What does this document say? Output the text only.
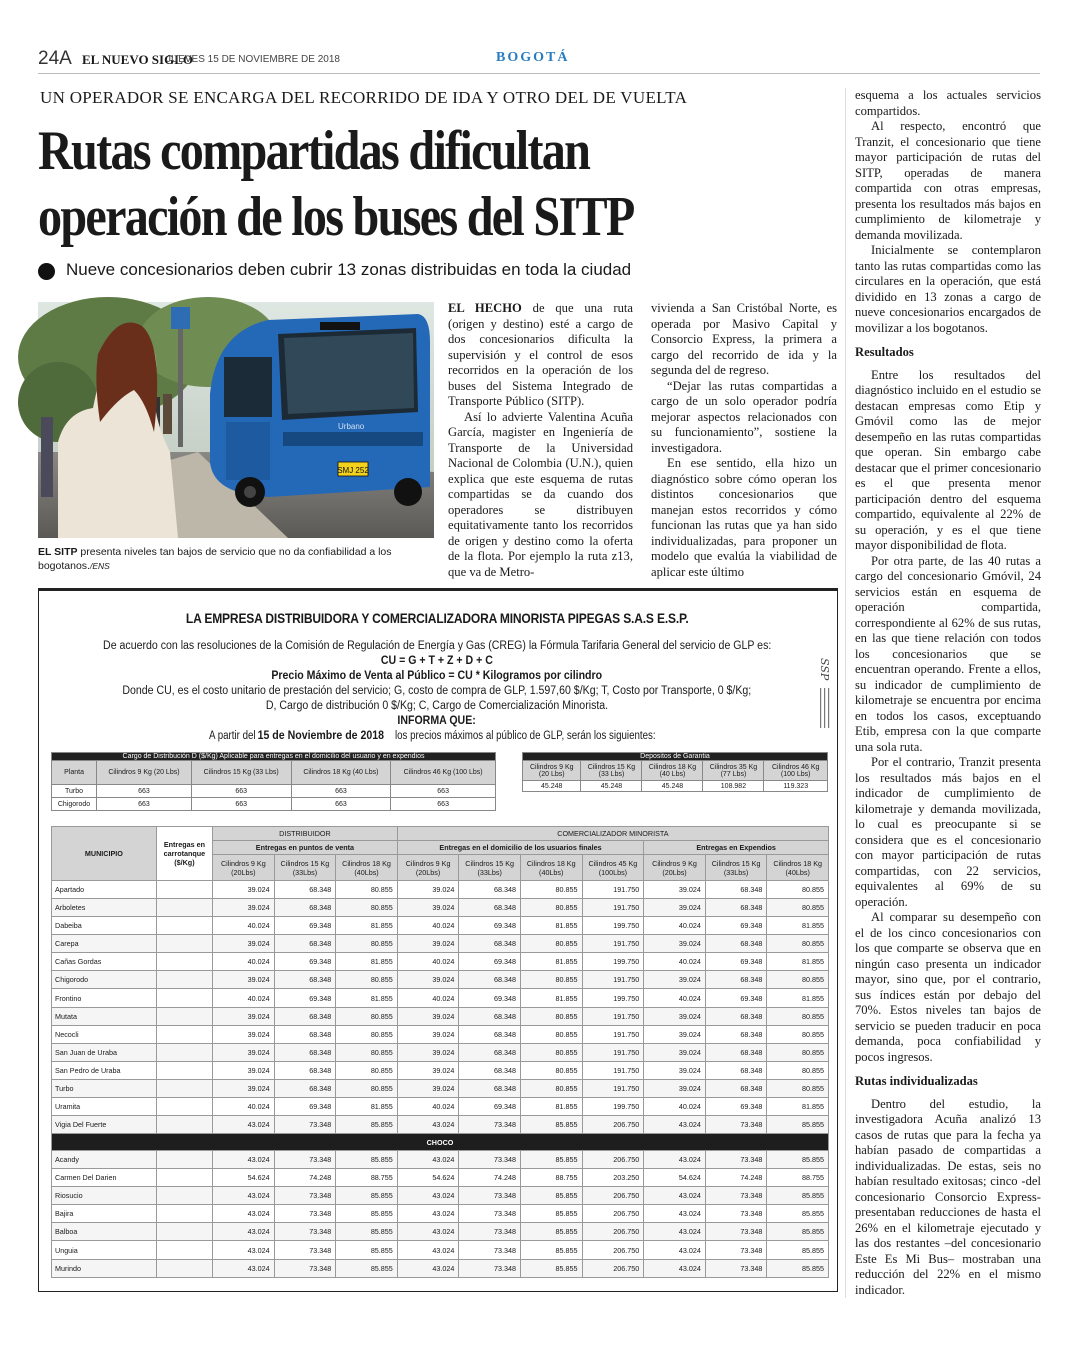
24A EL NUEVO SIGLO
JUEVES 15 DE NOVIEMBRE DE 2018	BOGOTÁ
UN OPERADOR SE ENCARGA DEL RECORRIDO DE IDA Y OTRO DEL DE VUELTA
Rutas compartidas dificultan operación de los buses del SITP
Nueve concesionarios deben cubrir 13 zonas distribuidas en toda la ciudad
SMJ 252
Urbano
EL SITP presenta niveles tan bajos de servicio que no da confiabilidad a los bogotanos./ENS

EL HECHO de que una ruta (origen y destino) esté a cargo de dos concesionarios dificulta la supervisión y el control de esos recorridos en la operación de los buses del Sistema Integrado de Transporte Público (SITP).

Así lo advierte Valentina Acuña García, magister en Ingeniería de Transporte de la Universidad Nacional de Colombia (U.N.), quien explica que este esquema de rutas compartidas se da cuando dos operadores se distribuyen equitativamente tanto los recorridos de origen y destino como la oferta de la flota. Por ejemplo la ruta z13, que va de Metro-

vivienda a San Cristóbal Norte, es operada por Masivo Capital y Consorcio Express, la primera a cargo del recorrido de ida y la segunda del de regreso.

“Dejar las rutas compartidas a cargo de un solo operador podría mejorar aspectos relacionados con su funcionamiento”, sostiene la investigadora.

En ese sentido, ella hizo un diagnóstico sobre cómo operan los distintos concesionarios que manejan estos recorridos y cómo funcionan las rutas que ya han sido individualizadas, para proponer un modelo que evalúa la viabilidad de aplicar este último

esquema a los actuales servicios compartidos.

Al respecto, encontró que Tranzit, el concesionario que tiene mayor participación de rutas del SITP, operadas de manera compartida con otras empresas, presenta los resultados más bajos en cumplimiento de kilometraje y demanda movilizada.

Inicialmente se contemplaron tanto las rutas compartidas como las circulares en la operación, que está dividido en 13 zonas a cargo de nueve concesionarios encargados de movilizar a los bogotanos.

Resultados

Entre los resultados del diagnóstico incluido en el estudio se destacan empresas como Etip y Gmóvil como las de mejor desempeño en las rutas compartidas que operan. Sin embargo cabe destacar que el primer concesionario es el que presenta menor participación dentro del esquema compartido, equivalente al 22% de su operación, y es el que tiene mayor disponibilidad de flota.

Por otra parte, de las 40 rutas a cargo del concesionario Gmóvil, 24 servicios están en esquema de operación compartida, correspondiente al 62% de sus rutas, en las que tiene relación con todos los concesionarios que se encuentran operando. Frente a ellos, su indicador de cumplimiento de kilometraje se encuentra por encima en todos los casos, exceptuando Etib, empresa con la que comparte una sola ruta.

Por el contrario, Tranzit presenta los resultados más bajos en el indicador de cumplimiento de kilometraje y demanda movilizada, lo cual es preocupante si se considera que es el concesionario con mayor participación de rutas compartidas, con 22 servicios, equivalentes al 69% de su operación.

Al comparar su desempeño con el de los cinco concesionarios con los que comparte se observa que en ningún caso presenta un indicador mayor, sino que, por el contrario, sus índices están por debajo del 70%. Estos niveles tan bajos de servicio se pueden traducir en poca demanda, poca confiabilidad y pocos ingresos.

Rutas individualizadas

Dentro del estudio, la investigadora Acuña analizó 13 casos de rutas que para la fecha ya habían pasado de compartidas a individualizadas. De estas, seis no habían resultado exitosas; cinco -del concesionario Consorcio Express- presentaban reducciones de hasta el 26% en el kilometraje ejecutado y las dos restantes –del concesionario Este Es Mi Bus– mostraban una reducción del 22% en el mismo indicador.

LA EMPRESA DISTRIBUIDORA Y COMERCIALIZADORA MINORISTA PIPEGAS S.A.S E.S.P.
De acuerdo con las resoluciones de la Comisión de Regulación de Energía y Gas (CREG) la Fórmula Tarifaria General del servicio de GLP es:
CU = G + T + Z + D + C
Precio Máximo de Venta al Público = CU * Kilogramos por cilindro
Donde CU, es el costo unitario de prestación del servicio; G, costo de compra de GLP, 1.597,60 $/Kg; T, Costo por Transporte, 0 $/Kg;
D, Cargo de distribución 0 $/Kg; C, Cargo de Comercialización Minorista.
INFORMA QUE:
A partir del15 de Noviembre de 2018los precios máximos al público de GLP, serán los siguientes:
SSP
Cargo de Distribución D ($/Kg) Aplicable para entregas en el domicilio del usuario y en expendios				
Planta	Cilindros 9 Kg (20 Lbs)	Cilindros 15 Kg (33 Lbs)	Cilindros 18 Kg (40 Lbs)	Cilindros 46 Kg (100 Lbs)
Turbo	663	663	663	663
Chigorodo	663	663	663	663
Depositos de Garantia				
Cilindros 9 Kg (20 Lbs)	Cilindros 15 Kg (33 Lbs)	Cilindros 18 Kg (40 Lbs)	Cilindros 35 Kg (77 Lbs)	Cilindros 46 Kg (100 Lbs)
45.248	45.248	45.248	108.982	119.323
MUNICIPIO	Entregas en carrotanque ($/Kg)	DISTRIBUIDOR			COMERCIALIZADOR MINORISTA						
		Entregas en puntos de venta			Entregas en el domicilio de los usuarios finales				Entregas en Expendios		
		Cilindros 9 Kg (20Lbs)	Cilindros 15 Kg (33Lbs)	Cilindros 18 Kg (40Lbs)	Cilindros 9 Kg (20Lbs)	Cilindros 15 Kg (33Lbs)	Cilindros 18 Kg (40Lbs)	Cilindros 45 Kg (100Lbs)	Cilindros 9 Kg (20Lbs)	Cilindros 15 Kg (33Lbs)	Cilindros 18 Kg (40Lbs)
Apartado		39.024	68.348	80.855	39.024	68.348	80.855	191.750	39.024	68.348	80.855
Arboletes		39.024	68.348	80.855	39.024	68.348	80.855	191.750	39.024	68.348	80.855
Dabeiba		40.024	69.348	81.855	40.024	69.348	81.855	199.750	40.024	69.348	81.855
Carepa		39.024	68.348	80.855	39.024	68.348	80.855	191.750	39.024	68.348	80.855
Cañas Gordas		40.024	69.348	81.855	40.024	69.348	81.855	199.750	40.024	69.348	81.855
Chigorodo		39.024	68.348	80.855	39.024	68.348	80.855	191.750	39.024	68.348	80.855
Frontino		40.024	69.348	81.855	40.024	69.348	81.855	199.750	40.024	69.348	81.855
Mutata		39.024	68.348	80.855	39.024	68.348	80.855	191.750	39.024	68.348	80.855
Necocli		39.024	68.348	80.855	39.024	68.348	80.855	191.750	39.024	68.348	80.855
San Juan de Uraba		39.024	68.348	80.855	39.024	68.348	80.855	191.750	39.024	68.348	80.855
San Pedro de Uraba		39.024	68.348	80.855	39.024	68.348	80.855	191.750	39.024	68.348	80.855
Turbo		39.024	68.348	80.855	39.024	68.348	80.855	191.750	39.024	68.348	80.855
Uramita		40.024	69.348	81.855	40.024	69.348	81.855	199.750	40.024	69.348	81.855
Vigia Del Fuerte		43.024	73.348	85.855	43.024	73.348	85.855	206.750	43.024	73.348	85.855
CHOCO											
Acandy		43.024	73.348	85.855	43.024	73.348	85.855	206.750	43.024	73.348	85.855
Carmen Del Darien		54.624	74.248	88.755	54.624	74.248	88.755	203.250	54.624	74.248	88.755
Riosucio		43.024	73.348	85.855	43.024	73.348	85.855	206.750	43.024	73.348	85.855
Bajira		43.024	73.348	85.855	43.024	73.348	85.855	206.750	43.024	73.348	85.855
Balboa		43.024	73.348	85.855	43.024	73.348	85.855	206.750	43.024	73.348	85.855
Unguia		43.024	73.348	85.855	43.024	73.348	85.855	206.750	43.024	73.348	85.855
Murindo		43.024	73.348	85.855	43.024	73.348	85.855	206.750	43.024	73.348	85.855
